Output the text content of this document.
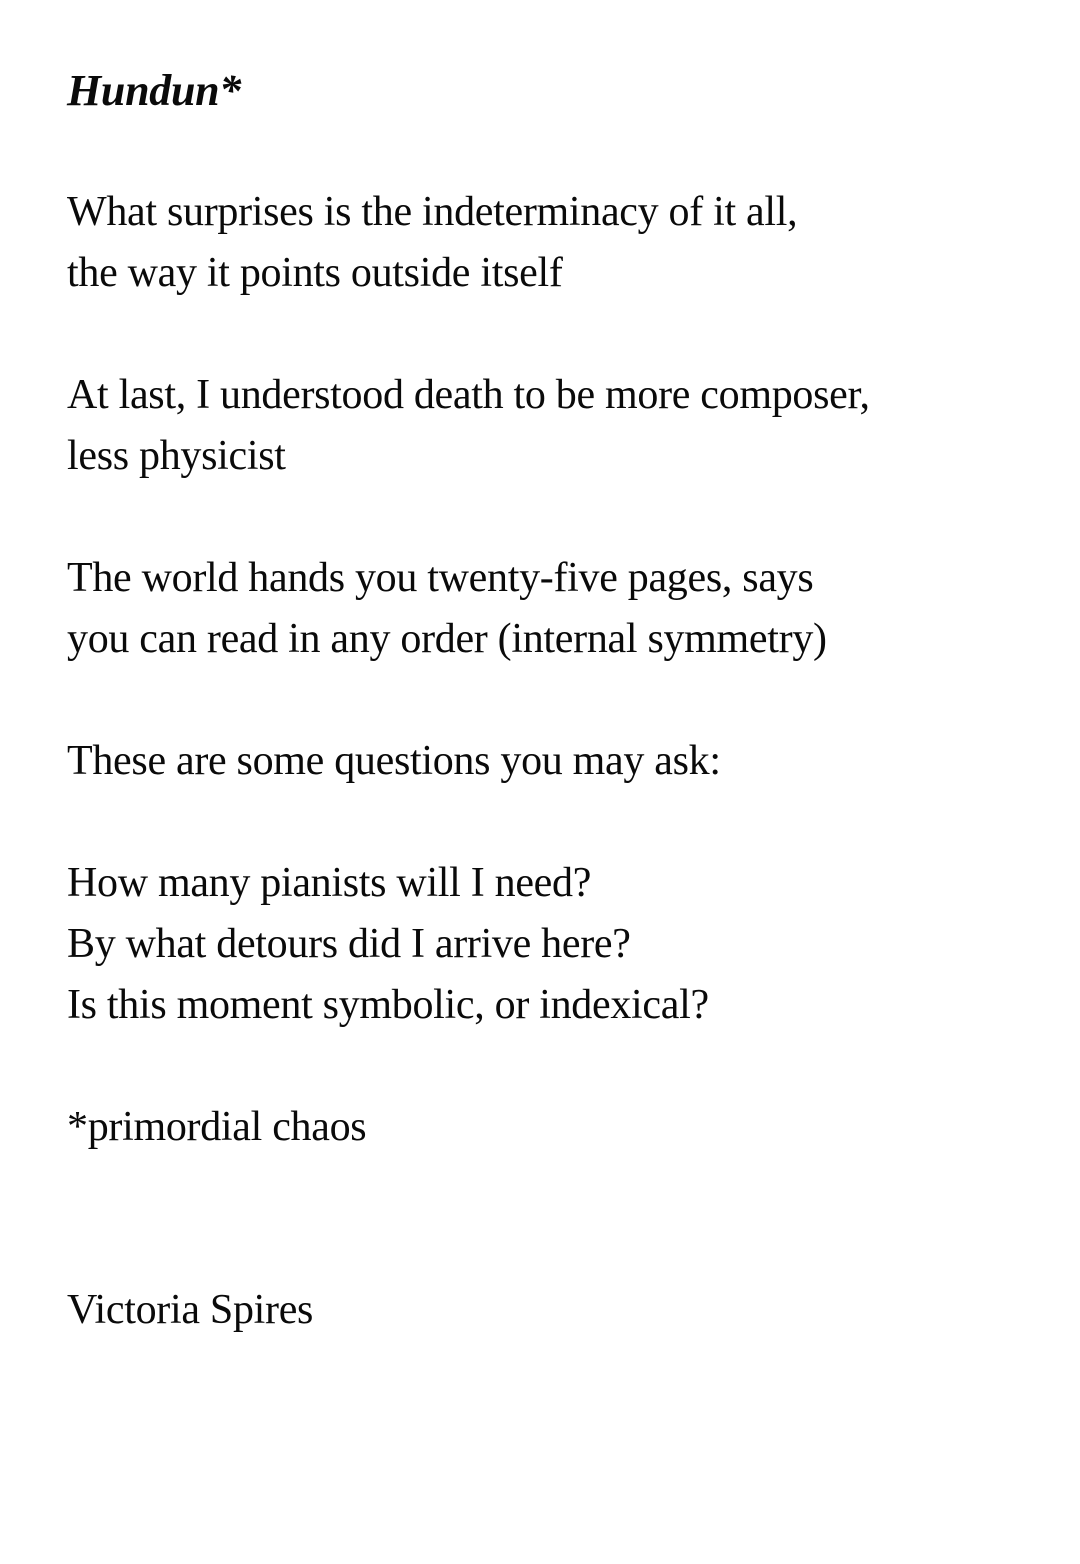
Hundun*
What surprises is the indeterminacy of it all,
the way it points outside itself
At last, I understood death to be more composer,
less physicist
The world hands you twenty-five pages, says
you can read in any order (internal symmetry)
These are some questions you may ask:
How many pianists will I need?
By what detours did I arrive here?
Is this moment symbolic, or indexical?
*primordial chaos
Victoria Spires
